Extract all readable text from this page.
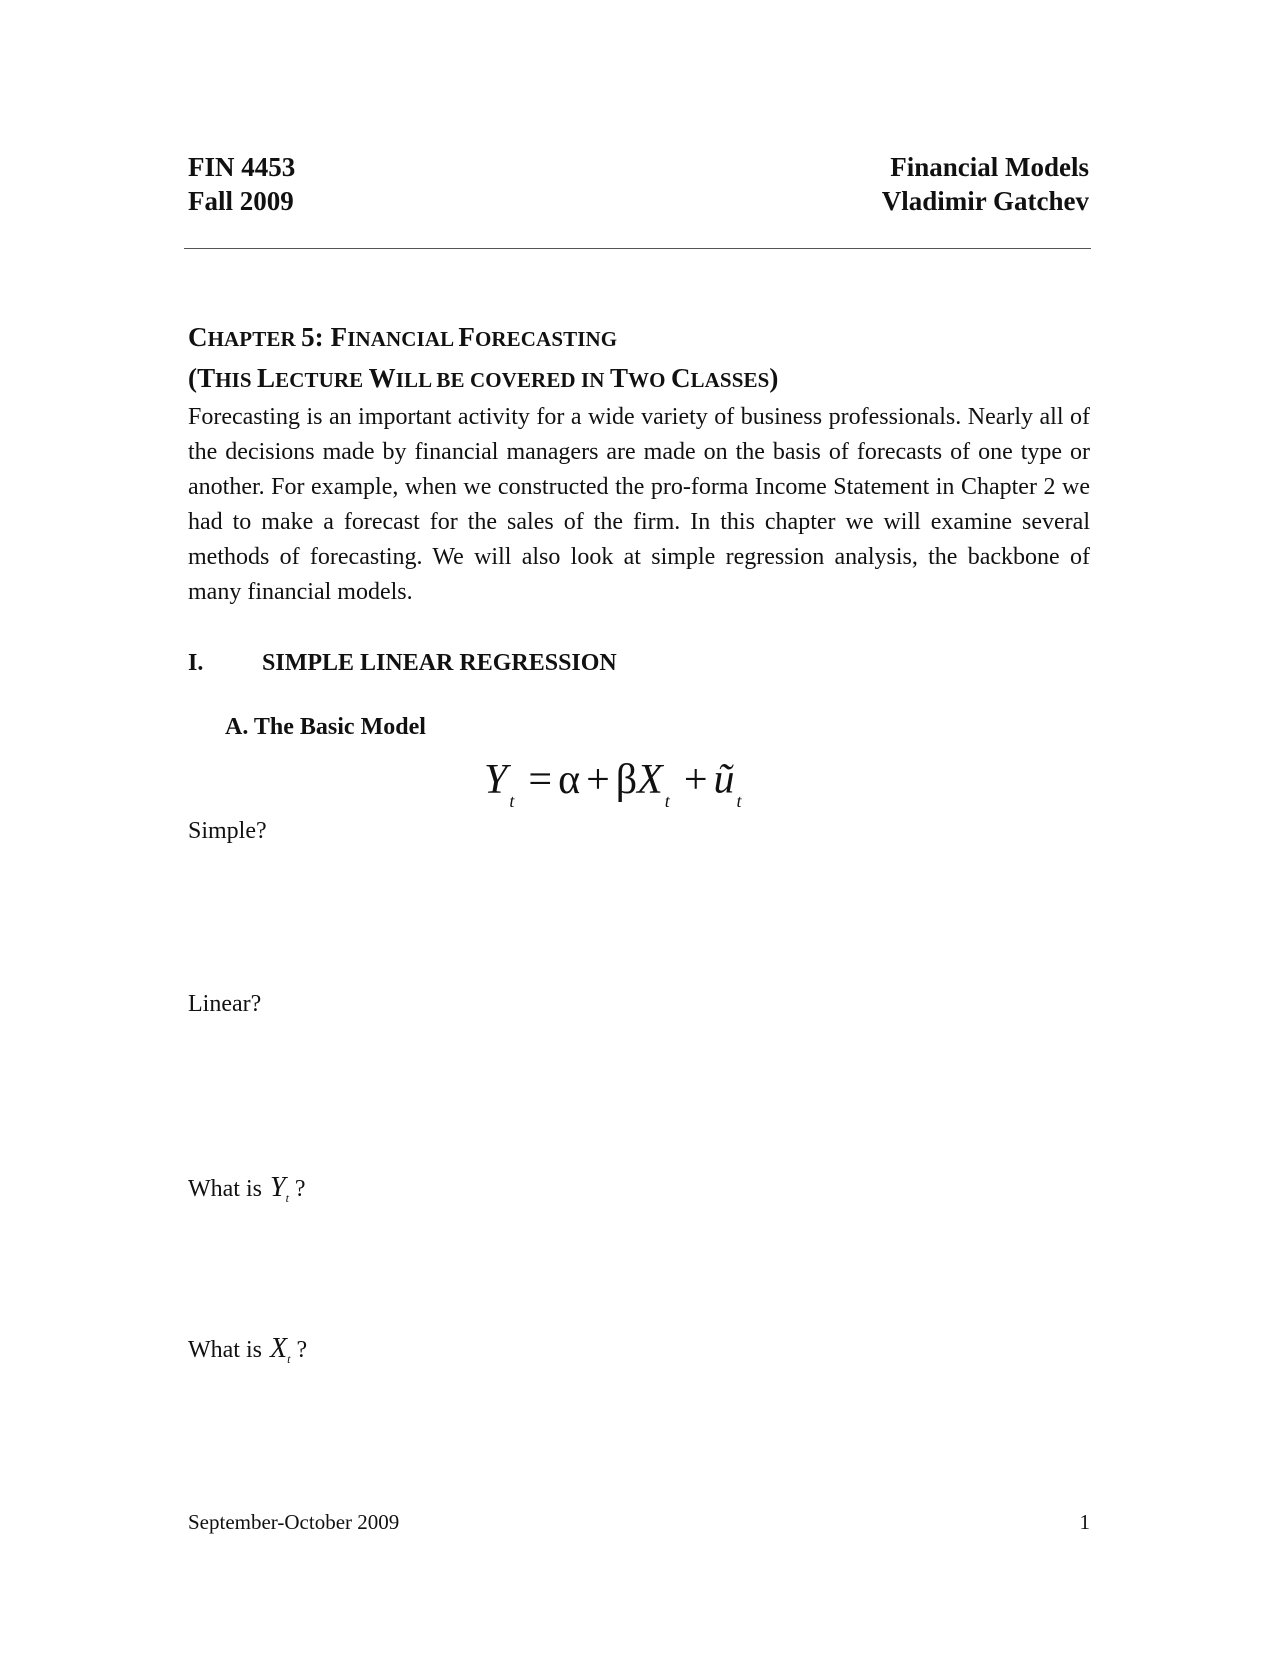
FIN 4453
Fall 2009
Financial Models
Vladimir Gatchev
CHAPTER 5: FINANCIAL FORECASTING
(THIS LECTURE WILL BE COVERED IN TWO CLASSES)

Forecasting is an important activity for a wide variety of business professionals. Nearly all of the decisions made by financial managers are made on the basis of forecasts of one type or another. For example, when we constructed the pro-forma Income Statement in Chapter 2 we had to make a forecast for the sales of the firm. In this chapter we will examine several methods of forecasting. We will also look at simple regression analysis, the backbone of many financial models.

I. SIMPLE LINEAR REGRESSION
A. The Basic Model
Y $_t$ = α + βX $_t$ + ũ $_t$
Simple?
Linear?
What is $Y_t$ ?
What is $X_t$ ?
September-October 2009	1
